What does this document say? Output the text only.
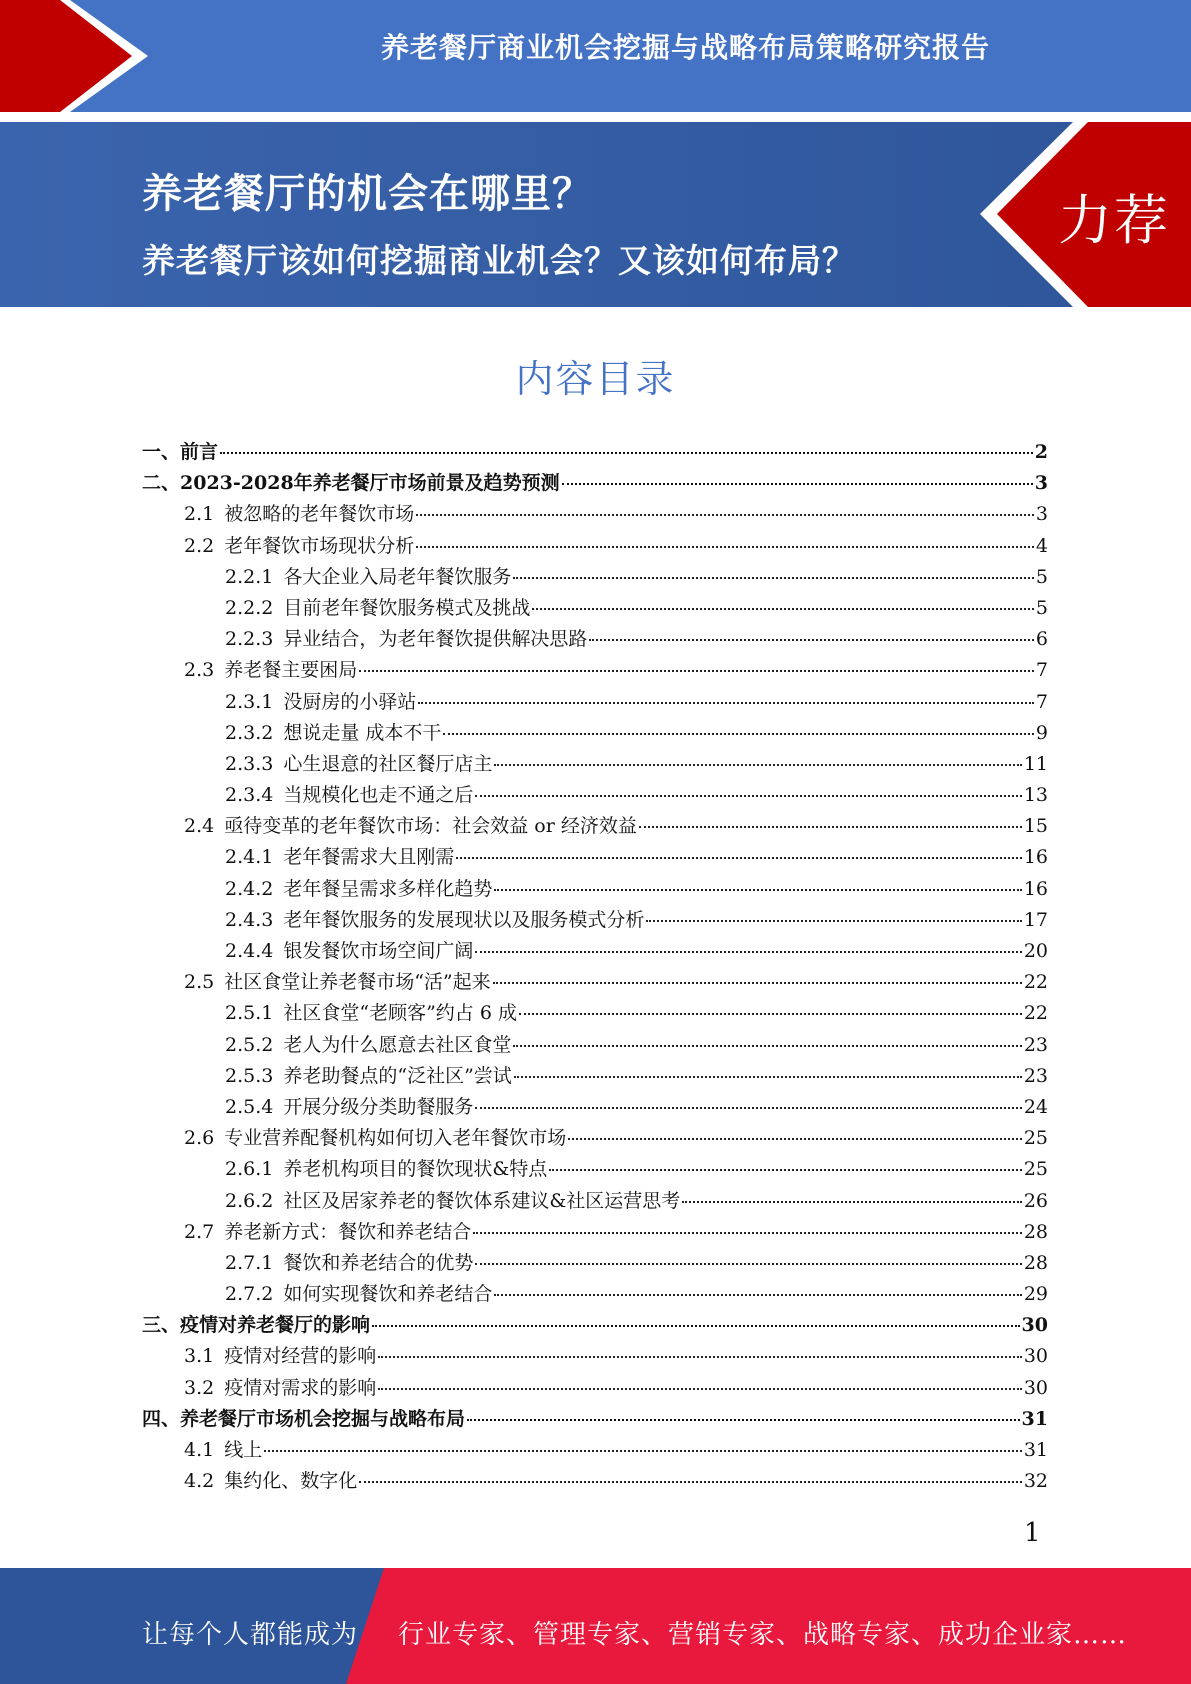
养老餐厅商业机会挖掘与战略布局策略研究报告
养老餐厅的机会在哪里？
养老餐厅该如何挖掘商业机会？又该如何布局？
力荐
内容目录
一、 前言	2
二、 2023-2028年养老餐厅市场前景及趋势预测	3
2.1 被忽略的老年餐饮市场	3
2.2 老年餐饮市场现状分析	4
2.2.1 各大企业入局老年餐饮服务	5
2.2.2 目前老年餐饮服务模式及挑战	5
2.2.3 异业结合，为老年餐饮提供解决思路	6
2.3 养老餐主要困局	7
2.3.1 没厨房的小驿站	7
2.3.2 想说走量 成本不干	9
2.3.3 心生退意的社区餐厅店主	11
2.3.4 当规模化也走不通之后	13
2.4 亟待变革的老年餐饮市场：社会效益 or 经济效益	15
2.4.1 老年餐需求大且刚需	16
2.4.2 老年餐呈需求多样化趋势	16
2.4.3 老年餐饮服务的发展现状以及服务模式分析	17
2.4.4 银发餐饮市场空间广阔	20
2.5 社区食堂让养老餐市场“活”起来	22
2.5.1 社区食堂“老顾客”约占 6 成	22
2.5.2 老人为什么愿意去社区食堂	23
2.5.3 养老助餐点的“泛社区”尝试	23
2.5.4 开展分级分类助餐服务	24
2.6 专业营养配餐机构如何切入老年餐饮市场	25
2.6.1 养老机构项目的餐饮现状&特点	25
2.6.2 社区及居家养老的餐饮体系建议&社区运营思考	26
2.7 养老新方式：餐饮和养老结合	28
2.7.1 餐饮和养老结合的优势	28
2.7.2 如何实现餐饮和养老结合	29
三、 疫情对养老餐厅的影响	30
3.1 疫情对经营的影响	30
3.2 疫情对需求的影响	30
四、 养老餐厅市场机会挖掘与战略布局	31
4.1 线上	31
4.2 集约化、数字化	32
1
让每个人都能成为 行业专家、管理专家、营销专家、战略专家、成功企业家……
